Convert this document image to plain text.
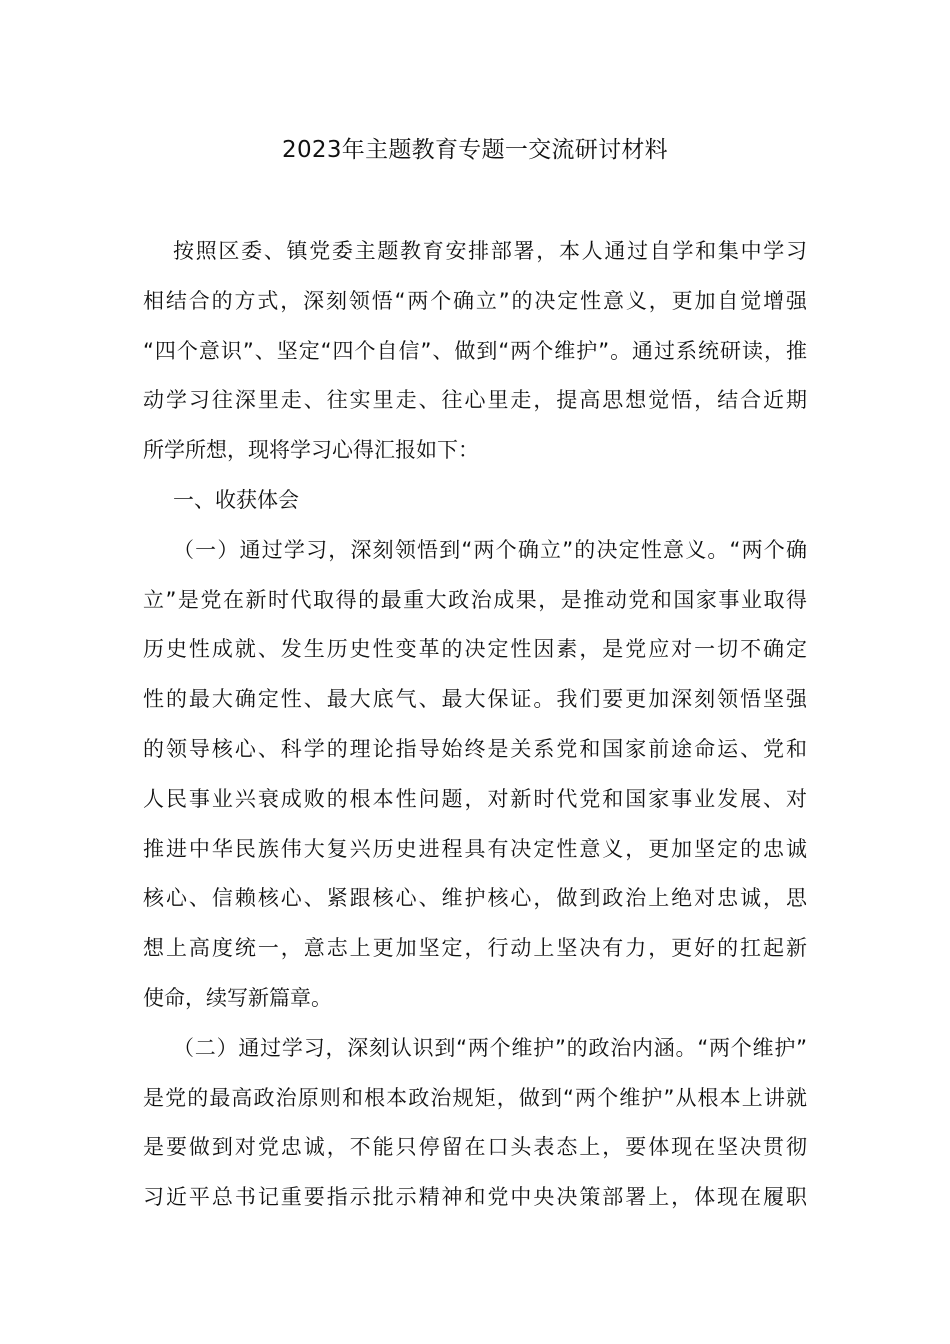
2023年主题教育专题一交流研讨材料
按照区委、镇党委主题教育安排部署，本人通过自学和集中学习
相结合的方式，深刻领悟“两个确立”的决定性意义，更加自觉增强
“四个意识”、坚定“四个自信”、做到“两个维护”。通过系统研读，推
动学习往深里走、往实里走、往心里走，提高思想觉悟，结合近期
所学所想，现将学习心得汇报如下：
一、收获体会
（一）通过学习，深刻领悟到“两个确立”的决定性意义。“两个确
立”是党在新时代取得的最重大政治成果，是推动党和国家事业取得
历史性成就、发生历史性变革的决定性因素，是党应对一切不确定
性的最大确定性、最大底气、最大保证。我们要更加深刻领悟坚强
的领导核心、科学的理论指导始终是关系党和国家前途命运、党和
人民事业兴衰成败的根本性问题，对新时代党和国家事业发展、对
推进中华民族伟大复兴历史进程具有决定性意义，更加坚定的忠诚
核心、信赖核心、紧跟核心、维护核心，做到政治上绝对忠诚，思
想上高度统一，意志上更加坚定，行动上坚决有力，更好的扛起新
使命，续写新篇章。
（二）通过学习，深刻认识到“两个维护”的政治内涵。“两个维护”
是党的最高政治原则和根本政治规矩，做到“两个维护”从根本上讲就
是要做到对党忠诚，不能只停留在口头表态上，要体现在坚决贯彻
习近平总书记重要指示批示精神和党中央决策部署上，体现在履职
